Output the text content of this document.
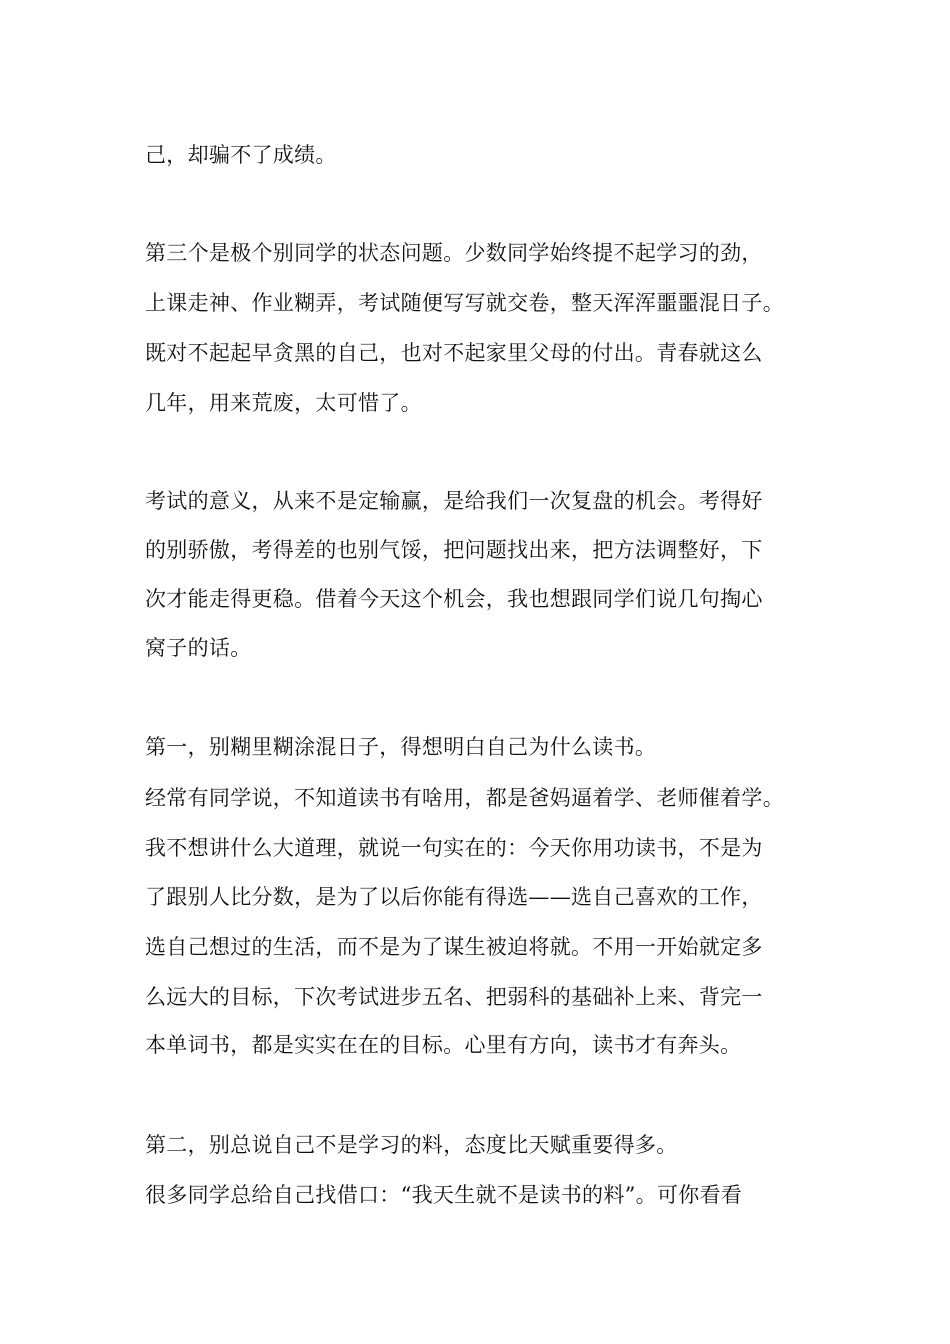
己，却骗不了成绩。
第三个是极个别同学的状态问题。少数同学始终提不起学习的劲，
上课走神、作业糊弄，考试随便写写就交卷，整天浑浑噩噩混日子。
既对不起起早贪黑的自己，也对不起家里父母的付出。青春就这么
几年，用来荒废，太可惜了。
考试的意义，从来不是定输赢，是给我们一次复盘的机会。考得好
的别骄傲，考得差的也别气馁，把问题找出来，把方法调整好，下
次才能走得更稳。借着今天这个机会，我也想跟同学们说几句掏心
窝子的话。
第一，别糊里糊涂混日子，得想明白自己为什么读书。
经常有同学说，不知道读书有啥用，都是爸妈逼着学、老师催着学。
我不想讲什么大道理，就说一句实在的：今天你用功读书，不是为
了跟别人比分数，是为了以后你能有得选——选自己喜欢的工作，
选自己想过的生活，而不是为了谋生被迫将就。不用一开始就定多
么远大的目标，下次考试进步五名、把弱科的基础补上来、背完一
本单词书，都是实实在在的目标。心里有方向，读书才有奔头。
第二，别总说自己不是学习的料，态度比天赋重要得多。
很多同学总给自己找借口：“我天生就不是读书的料”。可你看看
